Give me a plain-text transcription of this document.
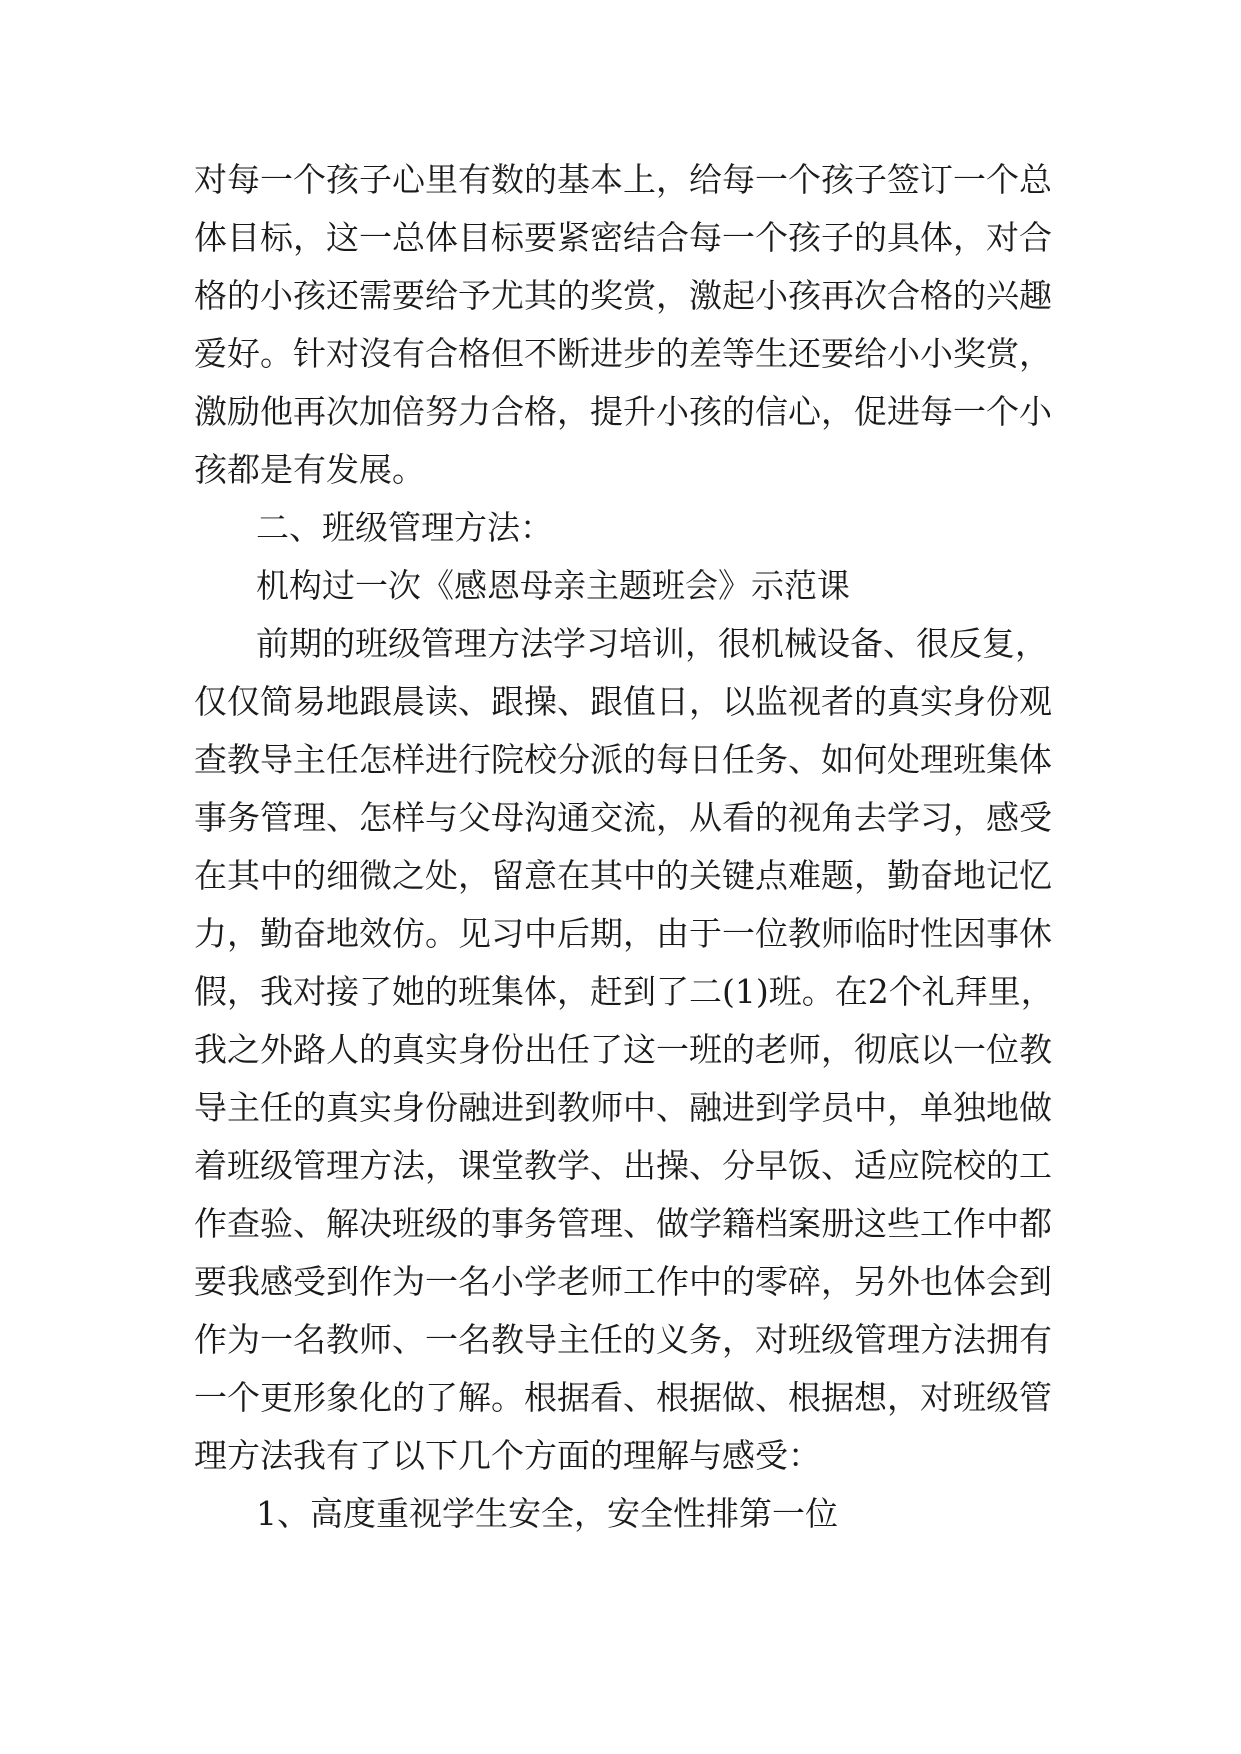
对每一个孩子心里有数的基本上，给每一个孩子签订一个总
体目标，这一总体目标要紧密结合每一个孩子的具体，对合
格的小孩还需要给予尤其的奖赏，激起小孩再次合格的兴趣
爱好。针对沒有合格但不断进步的差等生还要给小小奖赏，
激励他再次加倍努力合格，提升小孩的信心，促进每一个小
孩都是有发展。
二、班级管理方法：
机构过一次《感恩母亲主题班会》示范课
前期的班级管理方法学习培训，很机械设备、很反复，
仅仅简易地跟晨读、跟操、跟值日，以监视者的真实身份观
查教导主任怎样进行院校分派的每日任务、如何处理班集体
事务管理、怎样与父母沟通交流，从看的视角去学习，感受
在其中的细微之处，留意在其中的关键点难题，勤奋地记忆
力，勤奋地效仿。见习中后期，由于一位教师临时性因事休
假，我对接了她的班集体，赶到了二(1)班。在2个礼拜里，
我之外路人的真实身份出任了这一班的老师，彻底以一位教
导主任的真实身份融进到教师中、融进到学员中，单独地做
着班级管理方法，课堂教学、出操、分早饭、适应院校的工
作查验、解决班级的事务管理、做学籍档案册这些工作中都
要我感受到作为一名小学老师工作中的零碎，另外也体会到
作为一名教师、一名教导主任的义务，对班级管理方法拥有
一个更形象化的了解。根据看、根据做、根据想，对班级管
理方法我有了以下几个方面的理解与感受：
1、高度重视学生安全，安全性排第一位
